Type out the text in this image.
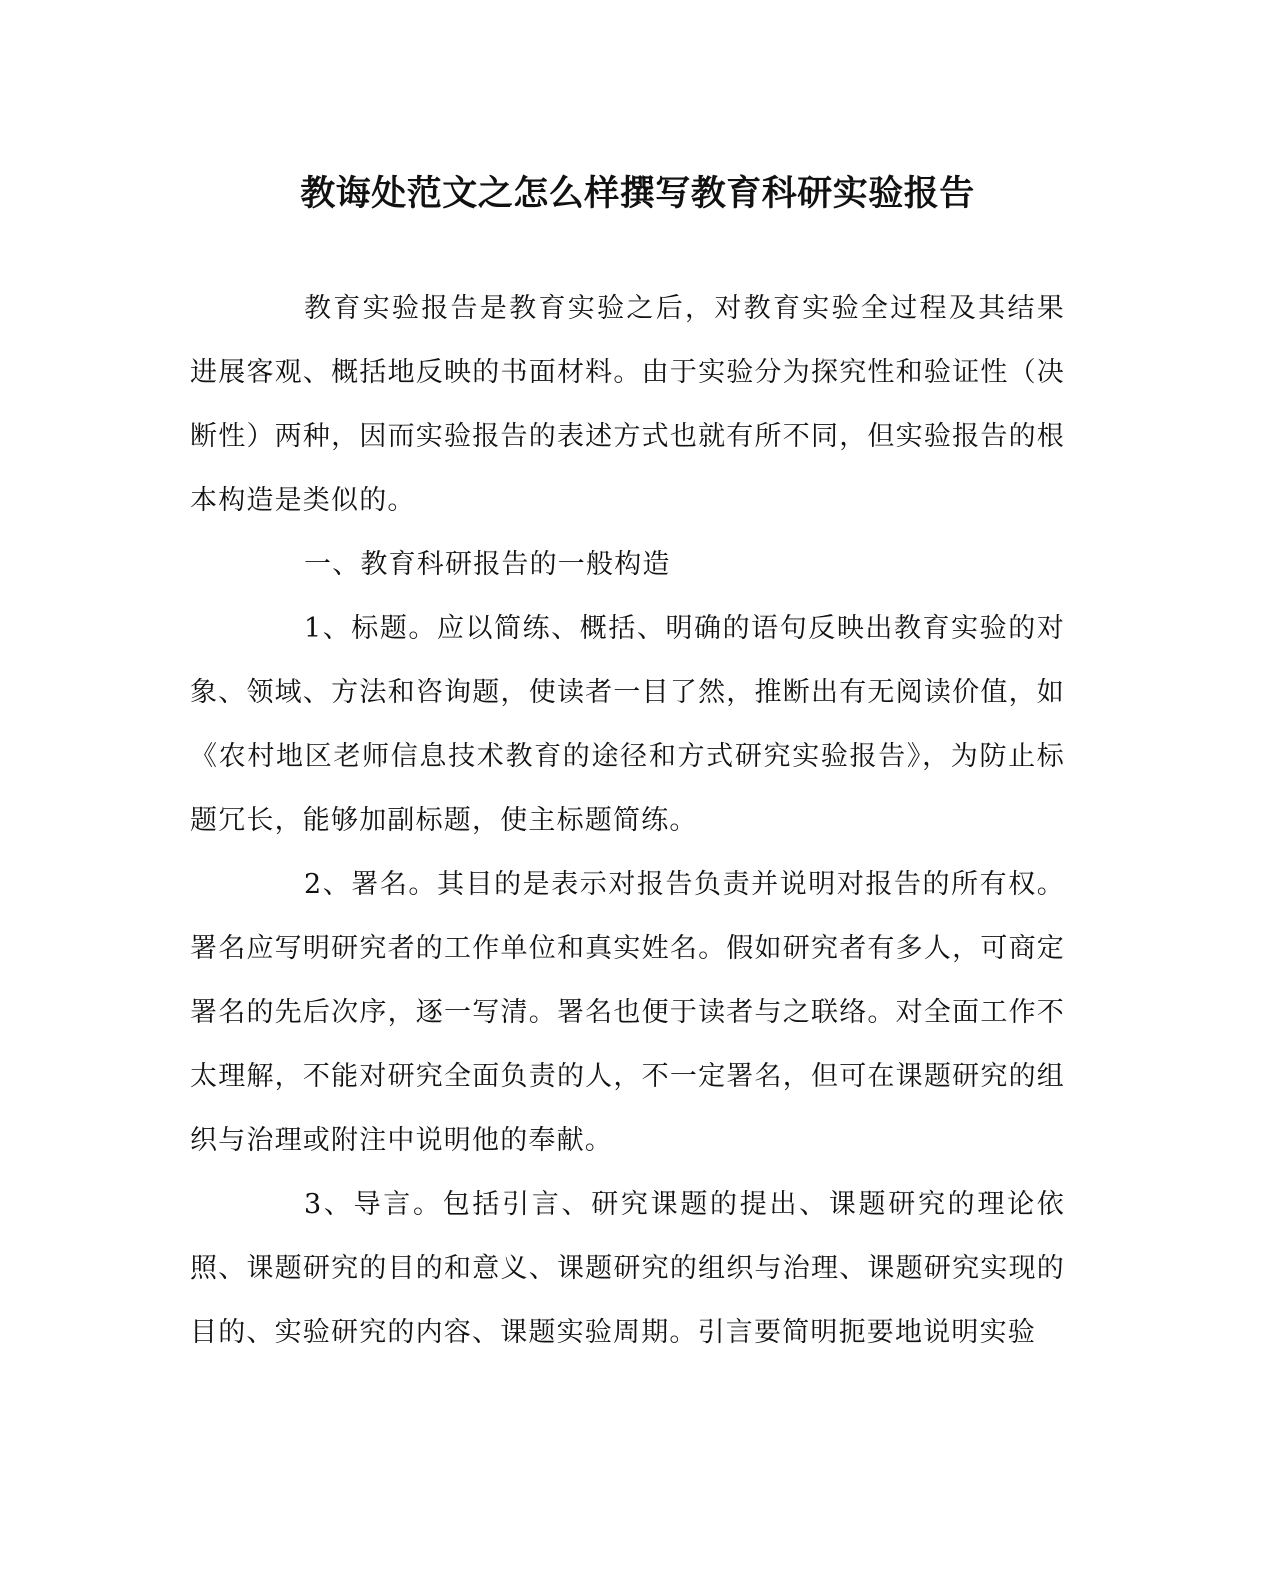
教诲处范文之怎么样撰写教育科研实验报告

教育实验报告是教育实验之后，对教育实验全过程及其结果进展客观、概括地反映的书面材料。由于实验分为探究性和验证性（决断性）两种，因而实验报告的表述方式也就有所不同，但实验报告的根本构造是类似的。

一、教育科研报告的一般构造

1、标题。应以简练、概括、明确的语句反映出教育实验的对象、领域、方法和咨询题，使读者一目了然，推断出有无阅读价值，如《农村地区老师信息技术教育的途径和方式研究实验报告》，为防止标题冗长，能够加副标题，使主标题简练。

2、署名。其目的是表示对报告负责并说明对报告的所有权。署名应写明研究者的工作单位和真实姓名。假如研究者有多人，可商定署名的先后次序，逐一写清。署名也便于读者与之联络。对全面工作不太理解，不能对研究全面负责的人，不一定署名，但可在课题研究的组织与治理或附注中说明他的奉献。

3、导言。包括引言、研究课题的提出、课题研究的理论依照、课题研究的目的和意义、课题研究的组织与治理、课题研究实现的目的、实验研究的内容、课题实验周期。引言要简明扼要地说明实验
